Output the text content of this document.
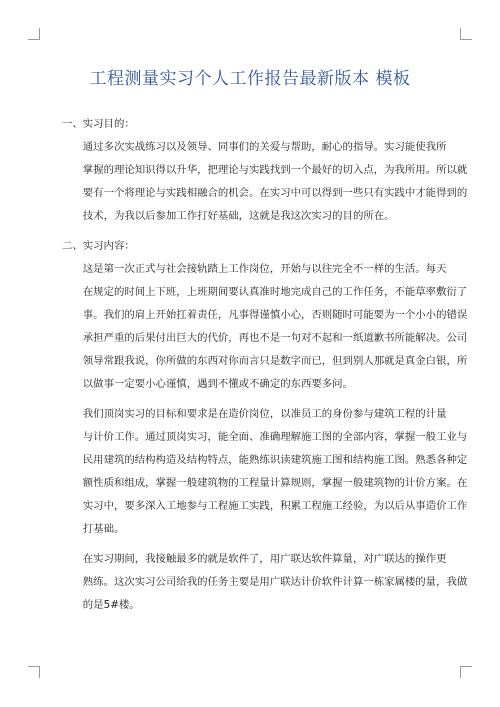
工程测量实习个人工作报告最新版本 模板

一、实习目的：

通过多次实战练习以及领导、同事们的关爱与帮助，耐心的指导。实习能使我所
掌握的理论知识得以升华，把理论与实践找到一个最好的切入点，为我所用。所以就
要有一个将理论与实践相融合的机会。在实习中可以得到一些只有实践中才能得到的
技术，为我以后参加工作打好基础，这就是我这次实习的目的所在。

二、实习内容：

这是第一次正式与社会接轨踏上工作岗位，开始与以往完全不一样的生活。每天
在规定的时间上下班，上班期间要认真准时地完成自己的工作任务，不能草率敷衍了
事。我们的肩上开始扛着责任，凡事得谨慎小心，否则随时可能要为一个小小的错误
承担严重的后果付出巨大的代价，再也不是一句对不起和一纸道歉书所能解决。公司
领导常跟我说，你所做的东西对你而言只是数字而已，但到别人那就是真金白银，所
以做事一定要小心谨慎，遇到不懂或不确定的东西要多问。

我们顶岗实习的目标和要求是在造价岗位，以准员工的身份参与建筑工程的计量
与计价工作。通过顶岗实习，能全面、准确理解施工图的全部内容，掌握一般工业与
民用建筑的结构构造及结构特点，能熟练识读建筑施工图和结构施工图。熟悉各种定
额性质和组成，掌握一般建筑物的工程量计算规则，掌握一般建筑物的计价方案。在
实习中，要多深入工地参与工程施工实践，积累工程施工经验，为以后从事造价工作
打基础。

在实习期间，我接触最多的就是软件了，用广联达软件算量，对广联达的操作更
熟练。这次实习公司给我的任务主要是用广联达计价软件计算一栋家属楼的量，我做
的是5#楼。
